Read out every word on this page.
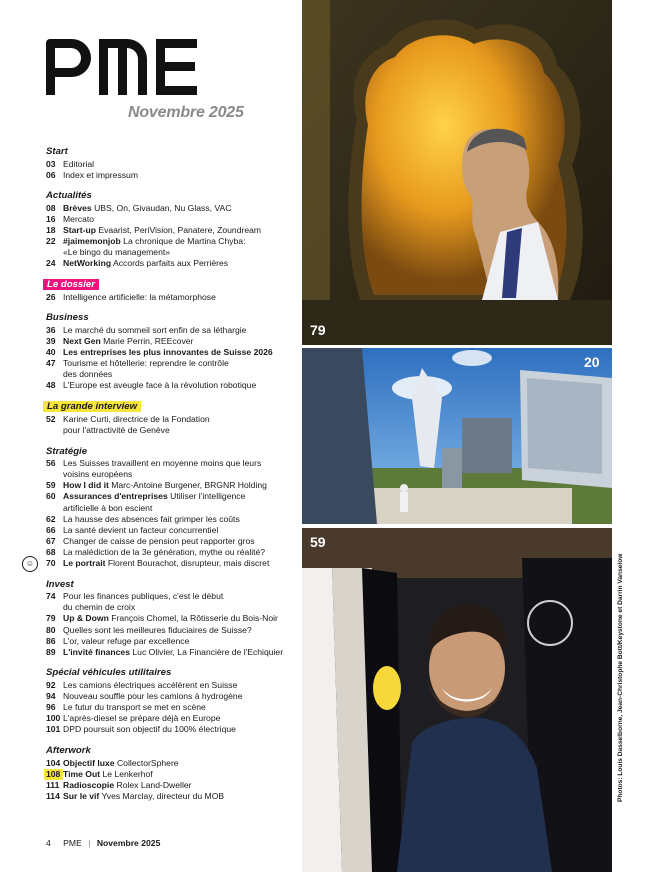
Novembre 2025
Start
03 Editorial
06 Index et impressum
Actualités
08 Brèves UBS, On, Givaudan, Nu Glass, VAC
16 Mercato
18 Start-up Evaarist, PeriVision, Panatere, Zoundream
22 #jaimemonjob La chronique de Martina Chyba:
«Le bingo du management»
24 NetWorking Accords parfaits aux Perrières
Le dossier
26 Intelligence artificielle: la métamorphose
Business
36 Le marché du sommeil sort enfin de sa léthargie
39 Next Gen Marie Perrin, REEcover
40 Les entreprises les plus innovantes de Suisse 2026
47 Tourisme et hôtellerie: reprendre le contrôle
des données
48 L'Europe est aveugle face à la révolution robotique
La grande interview
52 Karine Curti, directrice de la Fondation
pour l'attractivité de Genève
Stratégie
56 Les Suisses travaillent en moyenne moins que leurs
voisins européens
59 How I did it Marc-Antoine Burgener, BRGNR Holding
60 Assurances d'entreprises Utiliser l'intelligence
artificielle à bon escient
62 La hausse des absences fait grimper les coûts
66 La santé devient un facteur concurrentiel
67 Changer de caisse de pension peut rapporter gros
68 La malédiction de la 3e génération, mythe ou réalité?
70 Le portrait Florent Bourachot, disrupteur, mais discret
Invest
74 Pour les finances publiques, c'est le début
du chemin de croix
79 Up & Down François Chomel, la Rôtisserie du Bois-Noir
80 Quelles sont les meilleures fiduciaires de Suisse?
86 L'or, valeur refuge par excellence
89 L'invité finances Luc Olivier, La Financière de l'Echiquier
Spécial véhicules utilitaires
92 Les camions électriques accélèrent en Suisse
94 Nouveau souffle pour les camions à hydrogène
96 Le futur du transport se met en scène
100 L'après-diesel se prépare déjà en Europe
101 DPD poursuit son objectif du 100% électrique
Afterwork
104 Objectif luxe CollectorSphere
108 Time Out Le Lenkerhof
111 Radioscopie Rolex Land-Dweller
114 Sur le vif Yves Marclay, directeur du MOB
☺
4 PME | Novembre 2025
79
20
59
Photos: Louis Dasselborne, Jean-Christophe Bott/Keystone et Darrin Vanselow
